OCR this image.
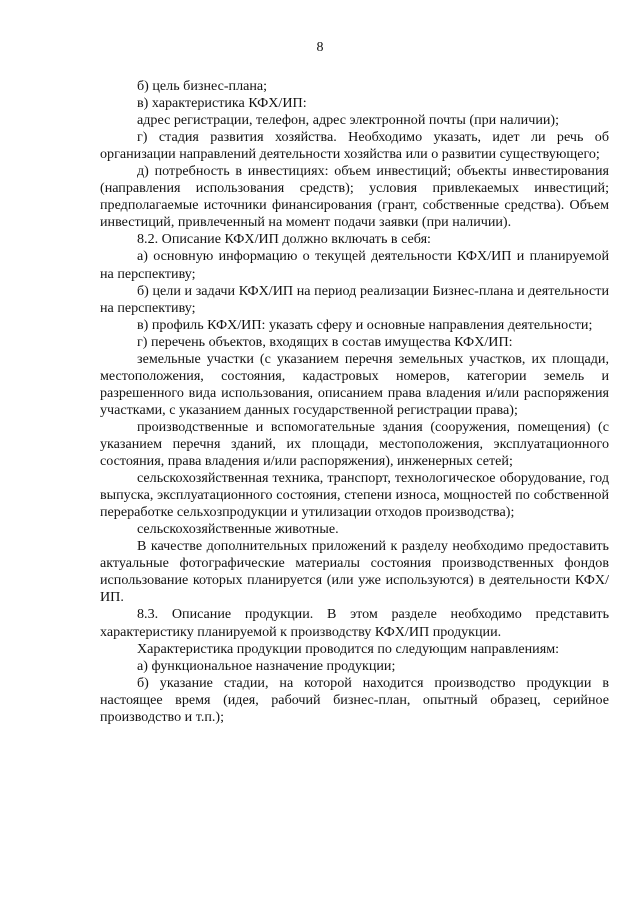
8

б) цель бизнес-плана;

в) характеристика КФХ/ИП:

адрес регистрации, телефон, адрес электронной почты (при наличии);

г) стадия развития хозяйства. Необходимо указать, идет ли речь об организации направлений деятельности хозяйства или о развитии существующего;

д) потребность в инвестициях: объем инвестиций; объекты инвестирования (направления использования средств); условия привлекаемых инвестиций; предполагаемые источники финансирования (грант, собственные средства). Объем инвестиций, привлеченный на момент подачи заявки (при наличии).

8.2. Описание КФХ/ИП должно включать в себя:

а) основную информацию о текущей деятельности КФХ/ИП и планируемой на перспективу;

б) цели и задачи КФХ/ИП на период реализации Бизнес-плана и деятельности на перспективу;

в) профиль КФХ/ИП: указать сферу и основные направления деятельности;

г) перечень объектов, входящих в состав имущества КФХ/ИП:

земельные участки (с указанием перечня земельных участков, их площади, местоположения, состояния, кадастровых номеров, категории земель и разрешенного вида использования, описанием права владения и/или распоряжения участками, с указанием данных государственной регистрации права);

производственные и вспомогательные здания (сооружения, помещения) (с указанием перечня зданий, их площади, местоположения, эксплуатационного состояния, права владения и/или распоряжения), инженерных сетей;

сельскохозяйственная техника, транспорт, технологическое оборудование, год выпуска, эксплуатационного состояния, степени износа, мощностей по собственной переработке сельхозпродукции и утилизации отходов производства);

сельскохозяйственные животные.

В качестве дополнительных приложений к разделу необходимо предоставить актуальные фотографические материалы состояния производственных фондов использование которых планируется (или уже используются) в деятельности КФХ/ИП.

8.3. Описание продукции. В этом разделе необходимо представить характеристику планируемой к производству КФХ/ИП продукции.

Характеристика продукции проводится по следующим направлениям:

а) функциональное назначение продукции;

б) указание стадии, на которой находится производство продукции в настоящее время (идея, рабочий бизнес-план, опытный образец, серийное производство и т.п.);
